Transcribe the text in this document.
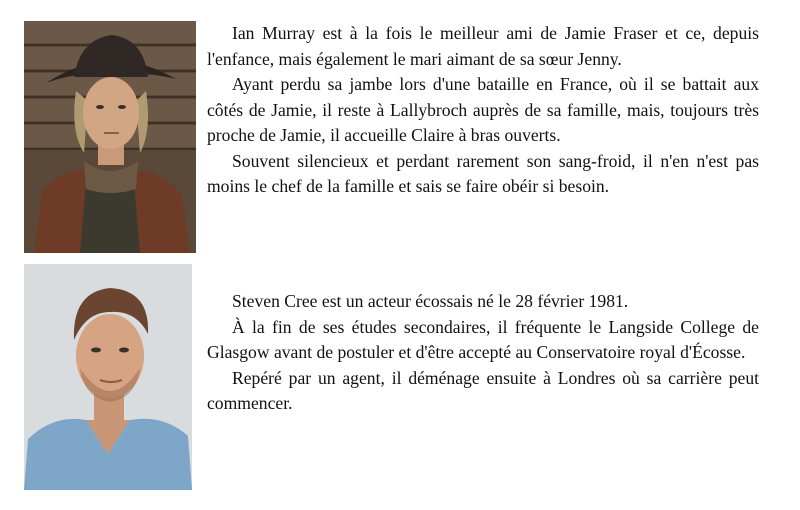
Ian Murray est à la fois le meilleur ami de Jamie Fraser et ce, depuis l'enfance, mais également le mari aimant de sa sœur Jenny.

Ayant perdu sa jambe lors d'une bataille en France, où il se battait aux côtés de Jamie, il reste à Lallybroch auprès de sa famille, mais, toujours très proche de Jamie, il accueille Claire à bras ouverts.

Souvent silencieux et perdant rarement son sang-froid, il n'en n'est pas moins le chef de la famille et sais se faire obéir si besoin.

Steven Cree est un acteur écossais né le 28 février 1981.

À la fin de ses études secondaires, il fréquente le Langside College de Glasgow avant de postuler et d'être accepté au Conservatoire royal d'Écosse.

Repéré par un agent, il déménage ensuite à Londres où sa carrière peut commencer.
